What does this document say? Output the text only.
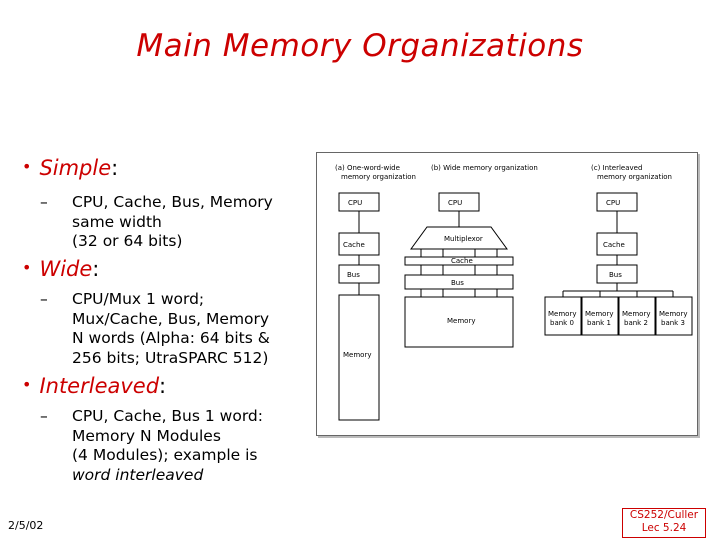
Main Memory Organizations
• Simple:
– CPU, Cache, Bus, Memory
same width
(32 or 64 bits)
• Wide:
– CPU/Mux 1 word;
Mux/Cache, Bus, Memory
N words (Alpha: 64 bits &
256 bits; UtraSPARC 512)
• Interleaved:
– CPU, Cache, Bus 1 word:
Memory N Modules
(4 Modules); example is
word interleaved
(a) One-word-wide
memory organization
(b) Wide memory organization	(c) Interleaved
memory organization
CPU	CPU	CPU
Multiplexor
Cache
Cache
Cache
Bus
Bus
Bus
Memory
Memory
Memory
bank 0
Memory
bank 1
Memory
bank 2
Memory
bank 3
2/5/02
CS252/Culler
Lec 5.24
